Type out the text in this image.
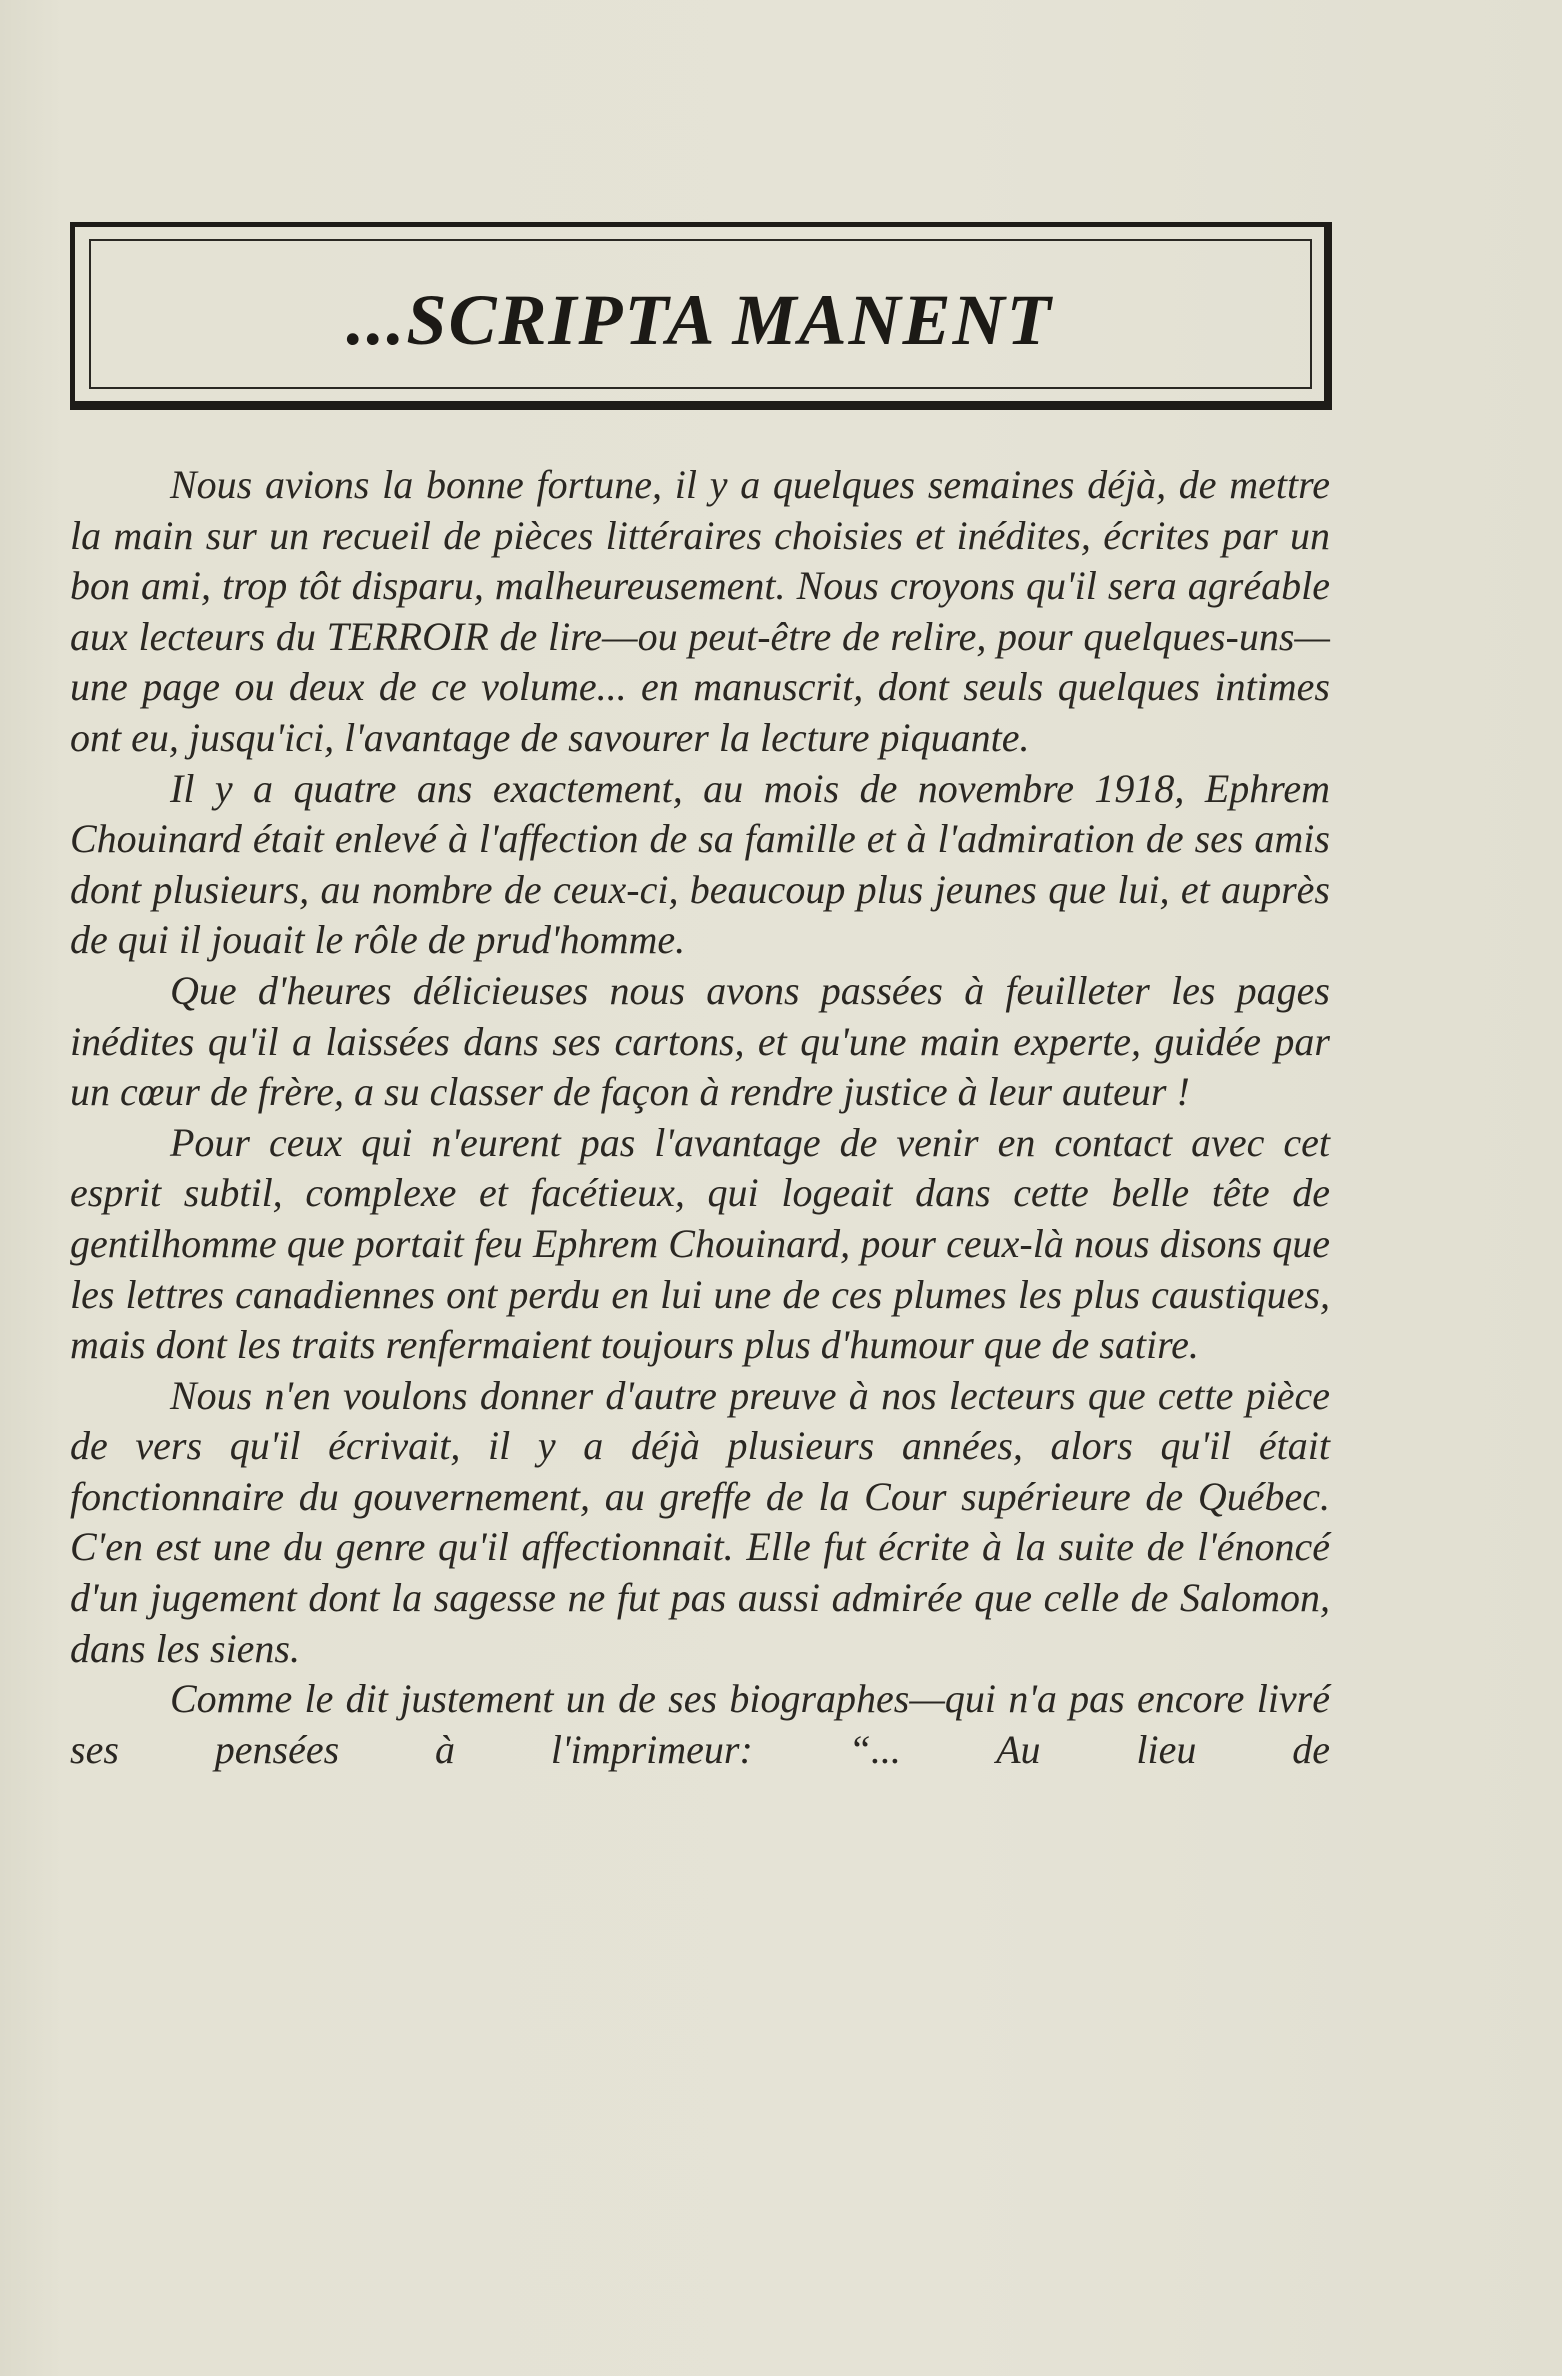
...SCRIPTA MANENT

Nous avions la bonne fortune, il y a quelques semaines déjà, de mettre la main sur un recueil de pièces littéraires choisies et inédites, écrites par un bon ami, trop tôt disparu, malheureusement. Nous croyons qu'il sera agréable aux lecteurs du TERROIR de lire—ou peut-être de relire, pour quelques-uns—une page ou deux de ce volume... en manuscrit, dont seuls quelques intimes ont eu, jusqu'ici, l'avantage de savourer la lecture piquante.

Il y a quatre ans exactement, au mois de novembre 1918, Ephrem Chouinard était enlevé à l'affection de sa famille et à l'admiration de ses amis dont plusieurs, au nombre de ceux-ci, beaucoup plus jeunes que lui, et auprès de qui il jouait le rôle de prud'homme.

Que d'heures délicieuses nous avons passées à feuilleter les pages inédites qu'il a laissées dans ses cartons, et qu'une main experte, guidée par un cœur de frère, a su classer de façon à rendre justice à leur auteur !

Pour ceux qui n'eurent pas l'avantage de venir en contact avec cet esprit subtil, complexe et facétieux, qui logeait dans cette belle tête de gentilhomme que portait feu Ephrem Chouinard, pour ceux-là nous disons que les lettres canadiennes ont perdu en lui une de ces plumes les plus caustiques, mais dont les traits renfermaient toujours plus d'humour que de satire.

Nous n'en voulons donner d'autre preuve à nos lecteurs que cette pièce de vers qu'il écrivait, il y a déjà plusieurs années, alors qu'il était fonctionnaire du gouvernement, au greffe de la Cour supérieure de Québec. C'en est une du genre qu'il affectionnait. Elle fut écrite à la suite de l'énoncé d'un jugement dont la sagesse ne fut pas aussi admirée que celle de Salomon, dans les siens.

Comme le dit justement un de ses biographes—qui n'a pas encore livré ses pensées à l'imprimeur: “... Au lieu de
